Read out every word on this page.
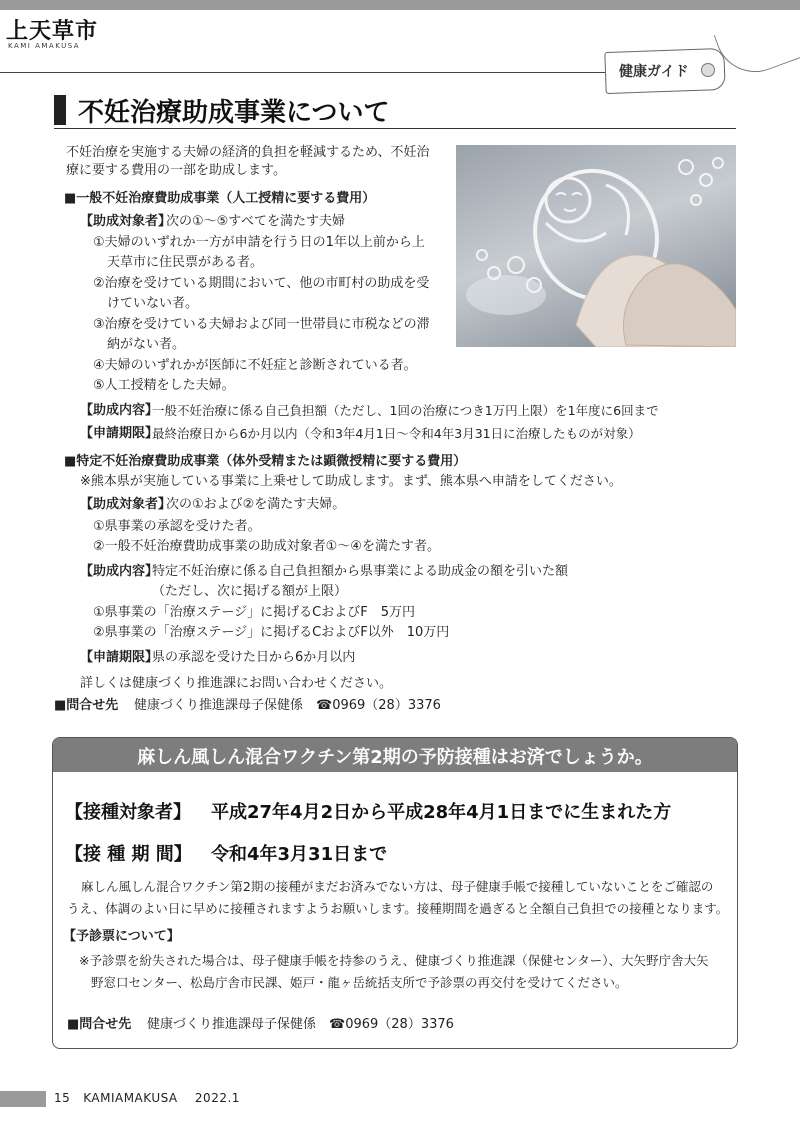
上天草市
KAMI AMAKUSA
健康ガイド
不妊治療助成事業について
不妊治療を実施する夫婦の経済的負担を軽減するため、不妊治
療に要する費用の一部を助成します。
■一般不妊治療費助成事業（人工授精に要する費用）
【助成対象者】
次の①～⑤すべてを満たす夫婦
①夫婦のいずれか一方が申請を行う日の1年以上前から上
天草市に住民票がある者。
②治療を受けている期間において、他の市町村の助成を受
けていない者。
③治療を受けている夫婦および同一世帯員に市税などの滞
納がない者。
④夫婦のいずれかが医師に不妊症と診断されている者。
⑤人工授精をした夫婦。
【助成内容】
一般不妊治療に係る自己負担額（ただし、1回の治療につき1万円上限）を1年度に6回まで
【申請期限】
最終治療日から6か月以内（令和3年4月1日～令和4年3月31日に治療したものが対象）
■特定不妊治療費助成事業（体外受精または顕微授精に要する費用）
※熊本県が実施している事業に上乗せして助成します。まず、熊本県へ申請をしてください。
【助成対象者】
次の①および②を満たす夫婦。
①県事業の承認を受けた者。
②一般不妊治療費助成事業の助成対象者①～④を満たす者。
【助成内容】
特定不妊治療に係る自己負担額から県事業による助成金の額を引いた額
（ただし、次に掲げる額が上限）
①県事業の「治療ステージ」に掲げるCおよびF　5万円
②県事業の「治療ステージ」に掲げるCおよびF以外　10万円
【申請期限】
県の承認を受けた日から6か月以内
詳しくは健康づくり推進課にお問い合わせください。
■問合せ先 健康づくり推進課母子保健係　☎0969（28）3376
麻しん風しん混合ワクチン第2期の予防接種はお済でしょうか。
【接種対象者】 平成27年4月2日から平成28年4月1日までに生まれた方
【接 種 期 間】 令和4年3月31日まで
麻しん風しん混合ワクチン第2期の接種がまだお済みでない方は、母子健康手帳で接種していないことをご確認の
うえ、体調のよい日に早めに接種されますようお願いします。接種期間を過ぎると全額自己負担での接種となります。
【予診票について】
※予診票を紛失された場合は、母子健康手帳を持参のうえ、健康づくり推進課（保健センター）、大矢野庁舎大矢
野窓口センター、松島庁舎市民課、姫戸・龍ヶ岳統括支所で予診票の再交付を受けてください。
■問合せ先 健康づくり推進課母子保健係　☎0969（28）3376
15 KAMIAMAKUSA 2022.1
